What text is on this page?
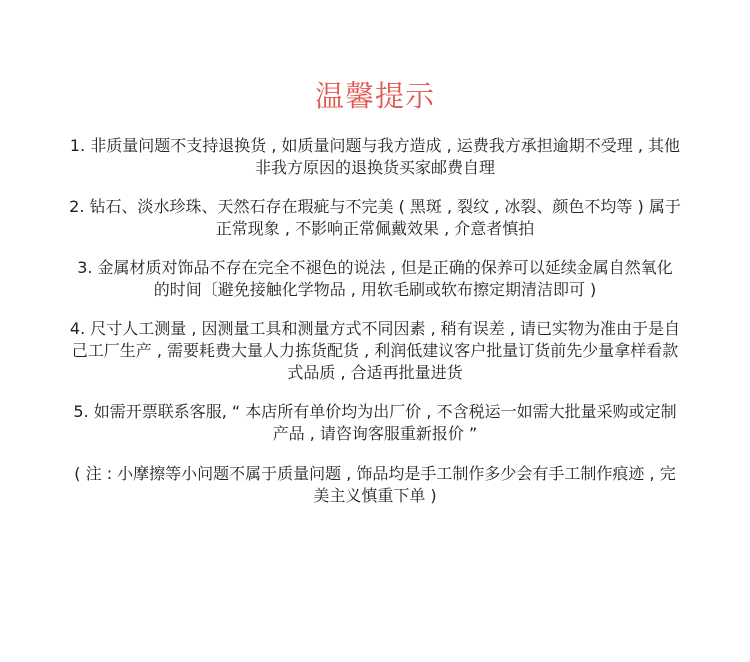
温馨提示

1. 非质量问题不支持退换货 , 如质量问题与我方造成 , 运费我方承担逾期不受理 , 其他
非我方原因的退换货买家邮费自理

2. 钻石、淡水珍珠、天然石存在瑕疵与不完美 ( 黑斑 , 裂纹 , 冰裂、颜色不均等 ) 属于
正常现象 , 不影响正常佩戴效果 , 介意者慎拍

3. 金属材质对饰品不存在完全不褪色的说法 , 但是正确的保养可以延续金属自然氧化
的时间〔避免接触化学物品 , 用软毛刷或软布擦定期清洁即可 )

4. 尺寸人工测量 , 因测量工具和测量方式不同因素 , 稍有误差 , 请已实物为准由于是自
己工厂生产 , 需要耗费大量人力拣货配货 , 利润低建议客户批量订货前先少量拿样看款
式品质 , 合适再批量进货

5. 如需开票联系客服, “ 本店所有单价均为出厂价 , 不含税运一如需大批量采购或定制
产品 , 请咨询客服重新报价 ”

( 注 : 小摩擦等小问题不属于质量问题 , 饰品均是手工制作多少会有手工制作痕迹 , 完
美主义慎重下单 )
